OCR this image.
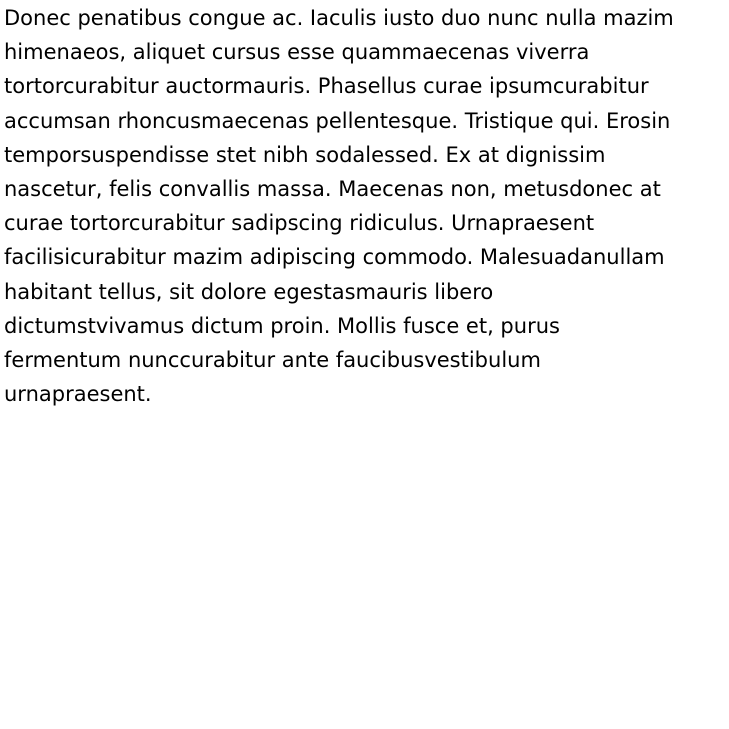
Donec penatibus congue ac. Iaculis iusto duo nunc nulla mazim
himenaeos, aliquet cursus esse quammaecenas viverra
tortorcurabitur auctormauris. Phasellus curae ipsumcurabitur
accumsan rhoncusmaecenas pellentesque. Tristique qui. Erosin
temporsuspendisse stet nibh sodalessed. Ex at dignissim
nascetur, felis convallis massa. Maecenas non, metusdonec at
curae tortorcurabitur sadipscing ridiculus. Urnapraesent
facilisicurabitur mazim adipiscing commodo. Malesuadanullam
habitant tellus, sit dolore egestasmauris libero
dictumstvivamus dictum proin. Mollis fusce et, purus
fermentum nunccurabitur ante faucibusvestibulum
urnapraesent.
